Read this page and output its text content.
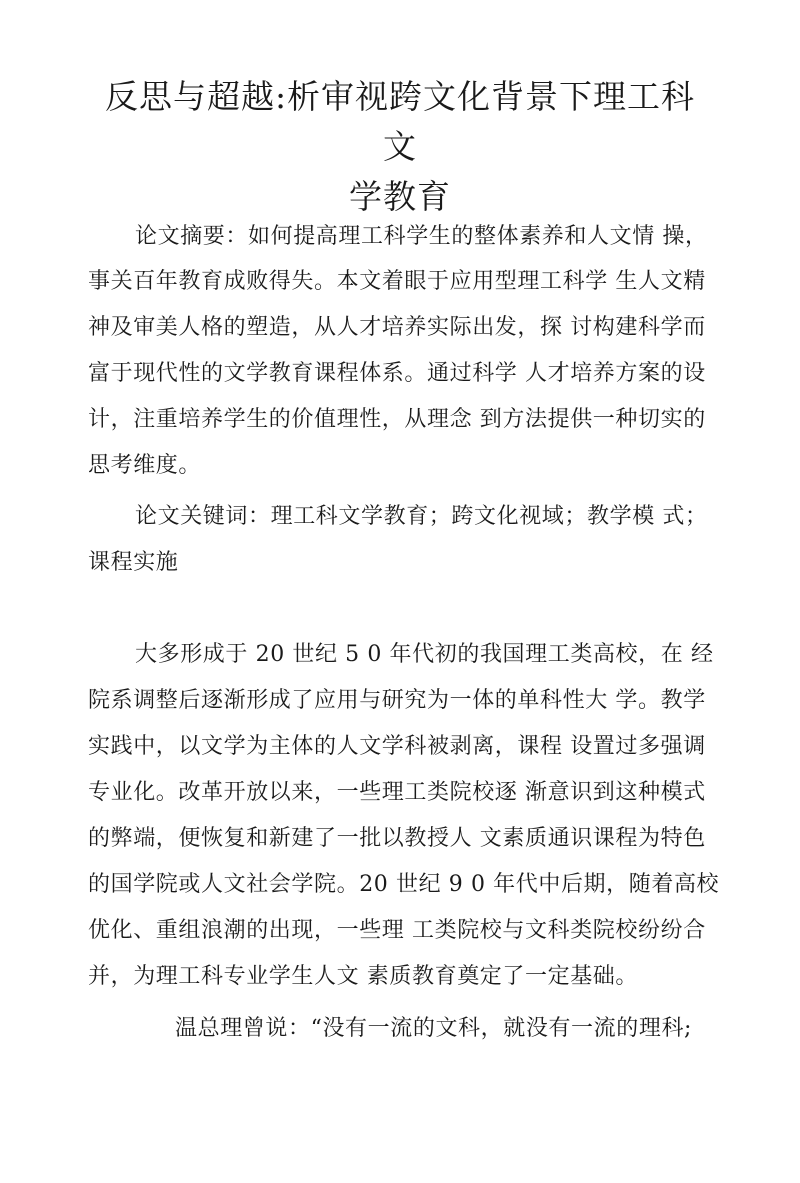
反思与超越:析审视跨文化背景下理工科文
学教育

论文摘要：如何提高理工科学生的整体素养和人文情 操，

事关百年教育成败得失。本文着眼于应用型理工科学 生人文精

神及审美人格的塑造，从人才培养实际出发，探 讨构建科学而

富于现代性的文学教育课程体系。通过科学 人才培养方案的设

计，注重培养学生的价值理性，从理念 到方法提供一种切实的

思考维度。

论文关键词：理工科文学教育；跨文化视域；教学模 式；

课程实施

大多形成于 20 世纪 5 0 年代初的我国理工类高校，在 经

院系调整后逐渐形成了应用与研究为一体的单科性大 学。教学

实践中，以文学为主体的人文学科被剥离，课程 设置过多强调

专业化。改革开放以来，一些理工类院校逐 渐意识到这种模式

的弊端，便恢复和新建了一批以教授人 文素质通识课程为特色

的国学院或人文社会学院。20 世纪 9 0 年代中后期，随着高校

优化、重组浪潮的出现，一些理 工类院校与文科类院校纷纷合

并，为理工科专业学生人文 素质教育奠定了一定基础。

温总理曾说：“没有一流的文科，就没有一流的理科;
